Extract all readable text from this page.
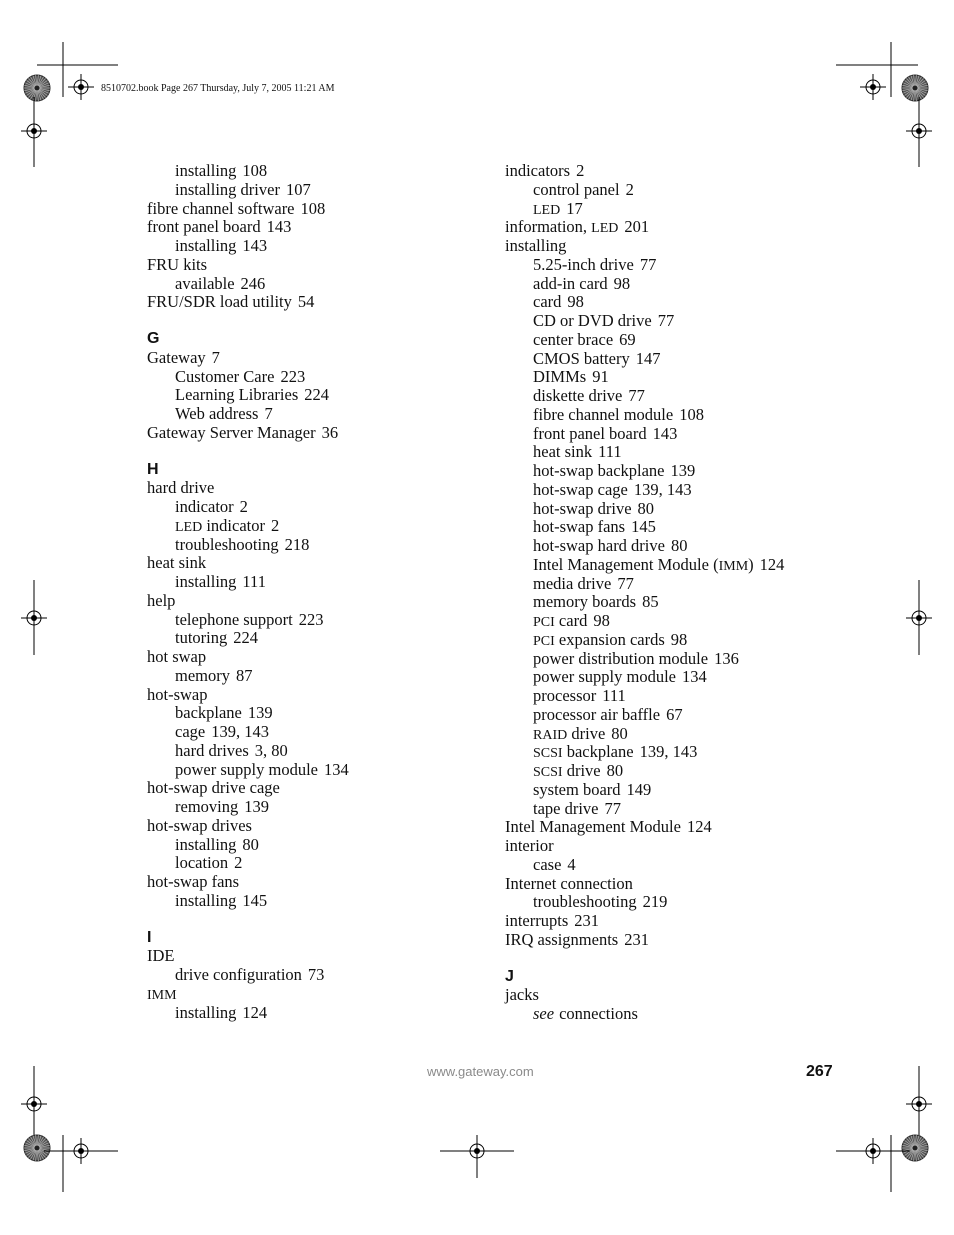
8510702.book Page 267 Thursday, July 7, 2005 11:21 AM
installing 108
installing driver 107
fibre channel software 108
front panel board 143
installing 143
FRU kits
available 246
FRU/SDR load utility 54
G
Gateway 7
Customer Care 223
Learning Libraries 224
Web address 7
Gateway Server Manager 36
H
hard drive
indicator 2
LED indicator 2
troubleshooting 218
heat sink
installing 111
help
telephone support 223
tutoring 224
hot swap
memory 87
hot-swap
backplane 139
cage 139, 143
hard drives 3, 80
power supply module 134
hot-swap drive cage
removing 139
hot-swap drives
installing 80
location 2
hot-swap fans
installing 145
I
IDE
drive configuration 73
IMM
installing 124
indicators 2
control panel 2
LED 17
information, LED 201
installing
5.25-inch drive 77
add-in card 98
card 98
CD or DVD drive 77
center brace 69
CMOS battery 147
DIMMs 91
diskette drive 77
fibre channel module 108
front panel board 143
heat sink 111
hot-swap backplane 139
hot-swap cage 139, 143
hot-swap drive 80
hot-swap fans 145
hot-swap hard drive 80
Intel Management Module (IMM) 124
media drive 77
memory boards 85
PCI card 98
PCI expansion cards 98
power distribution module 136
power supply module 134
processor 111
processor air baffle 67
RAID drive 80
SCSI backplane 139, 143
SCSI drive 80
system board 149
tape drive 77
Intel Management Module 124
interior
case 4
Internet connection
troubleshooting 219
interrupts 231
IRQ assignments 231
J
jacks
see connections
www.gateway.com	267
